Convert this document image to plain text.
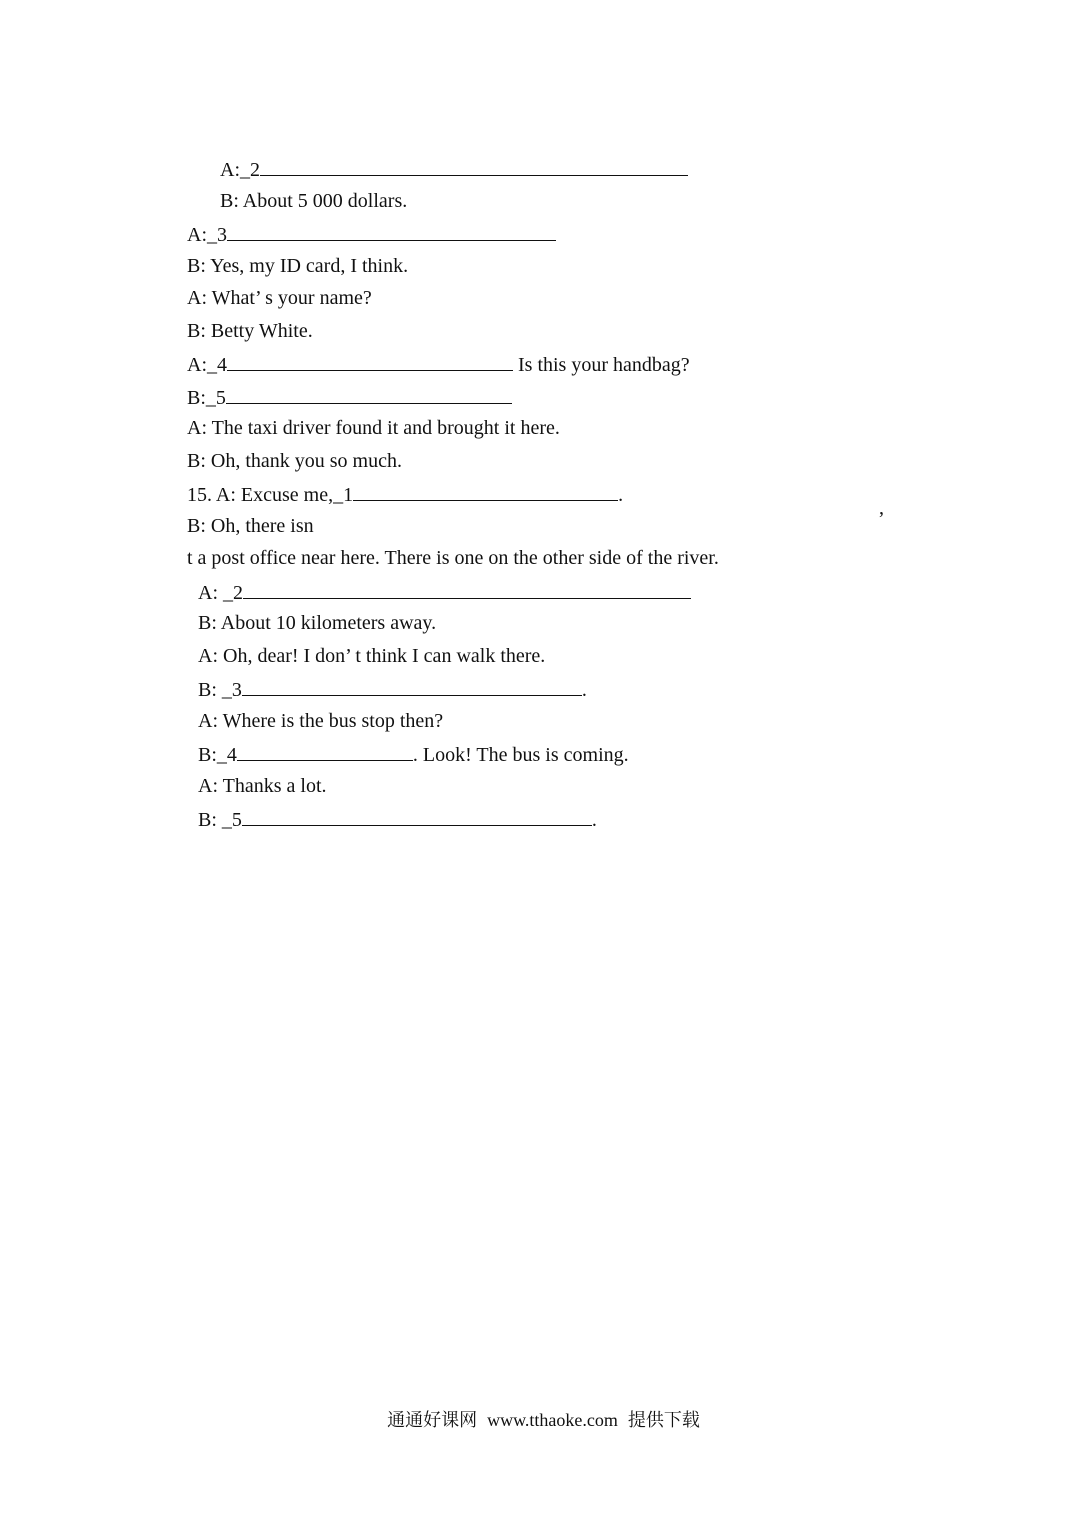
A:_2
B: About 5 000 dollars.
A:_3
B: Yes, my ID card, I think.
A: What’ s your name?
B: Betty White.
A:_4	Is this your handbag?
B:_5
A: The taxi driver found it and brought it here.
B: Oh, thank you so much.
15. A: Excuse me,_1	.
B: Oh, there isn	’
t a post office near here. There is one on the other side of the river.
A: _2
B: About 10 kilometers away.
A: Oh, dear! I don’ t think I can walk there.
B: _3	.
A: Where is the bus stop then?
B:_4	. Look! The bus is coming.
A: Thanks a lot.
B: _5	.
通通好课网 www.tthaoke.com 提供下载
